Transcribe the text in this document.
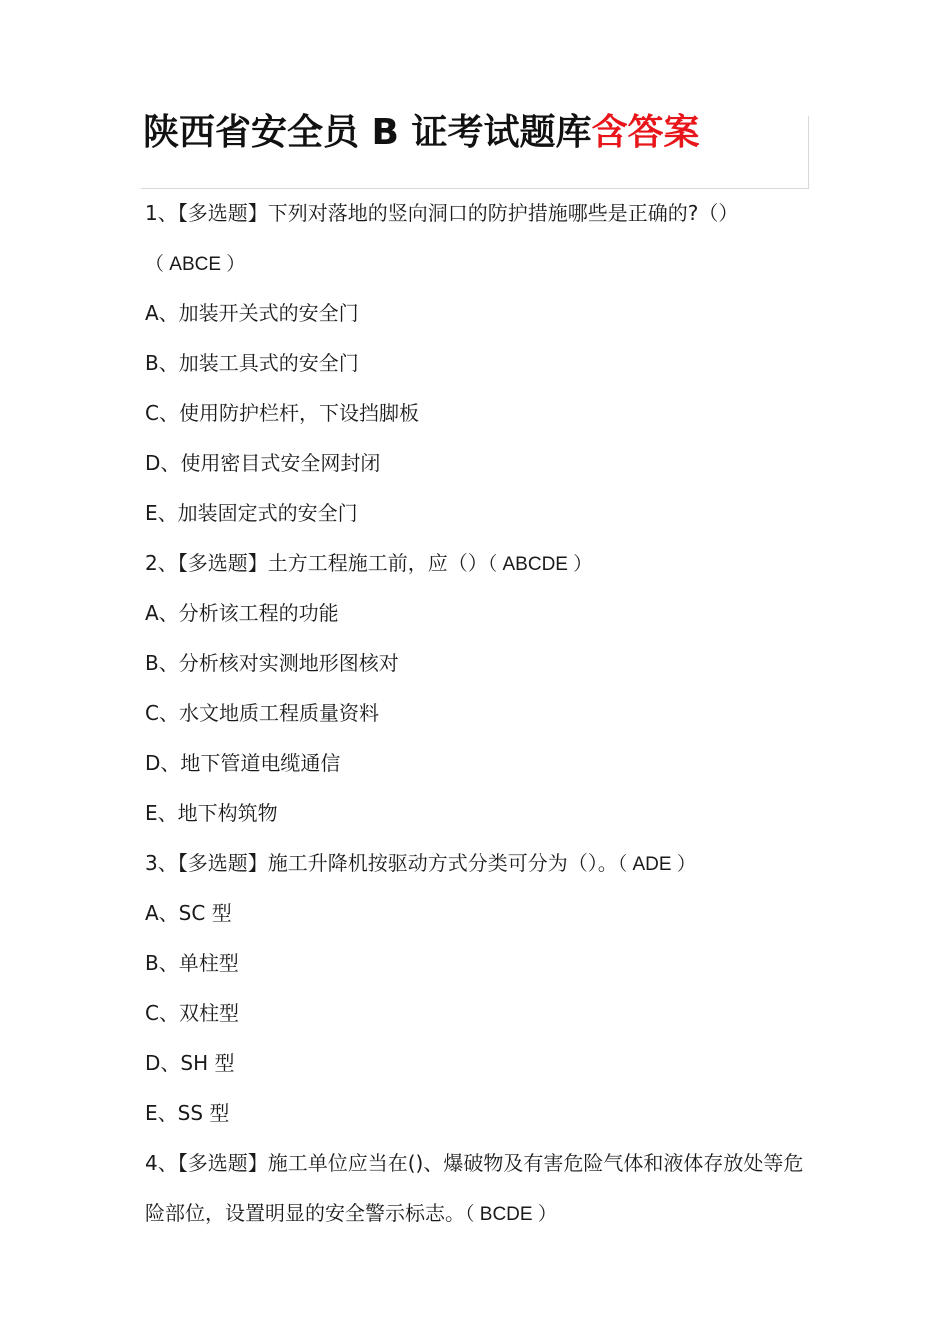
陕西省安全员 B 证考试题库含答案
1、【多选题】下列对落地的竖向洞口的防护措施哪些是正确的?（）
（ ABCE ）
A、加装开关式的安全门
B、加装工具式的安全门
C、使用防护栏杆，下设挡脚板
D、使用密目式安全网封闭
E、加装固定式的安全门
2、【多选题】土方工程施工前，应（）（ ABCDE ）
A、分析该工程的功能
B、分析核对实测地形图核对
C、水文地质工程质量资料
D、地下管道电缆通信
E、地下构筑物
3、【多选题】施工升降机按驱动方式分类可分为（）。（ ADE ）
A、SC 型
B、单柱型
C、双柱型
D、SH 型
E、SS 型
4、【多选题】施工单位应当在()、爆破物及有害危险气体和液体存放处等危险部位，设置明显的安全警示标志。（ BCDE ）
